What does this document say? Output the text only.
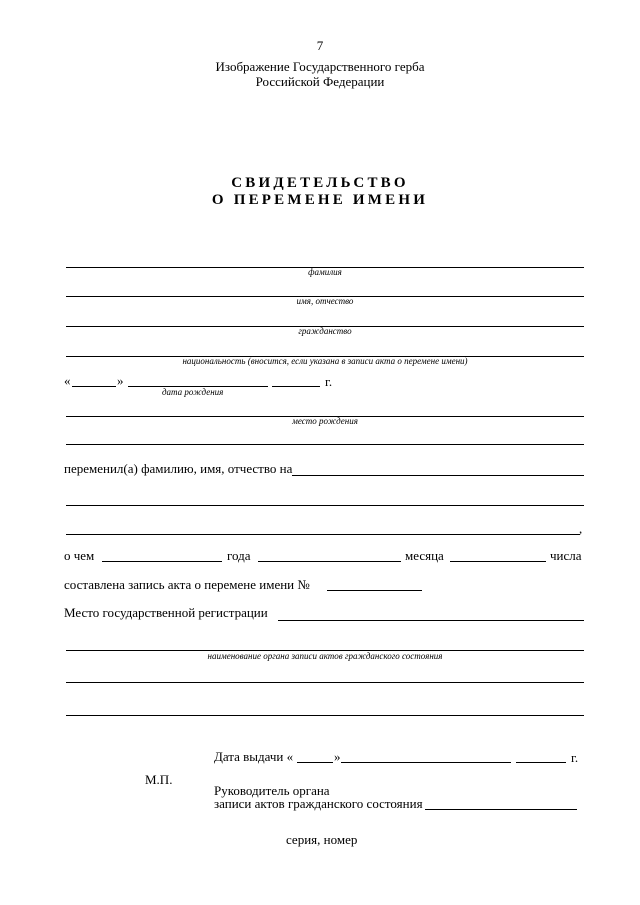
7
Изображение Государственного герба
Российской Федерации
СВИДЕТЕЛЬСТВО
О ПЕРЕМЕНЕ ИМЕНИ
фамилия
имя, отчество
гражданство
национальность (вносится, если указана в записи акта о перемене имени)
«	»	г.
дата рождения
место рождения
переменил(а) фамилию, имя, отчество на
,
о чем	года	месяца	числа
составлена запись акта о перемене имени №
Место государственной регистрации
наименование органа записи актов гражданского состояния
Дата выдачи «	»	г.
М.П.
Руководитель органа
записи актов гражданского состояния
серия, номер
